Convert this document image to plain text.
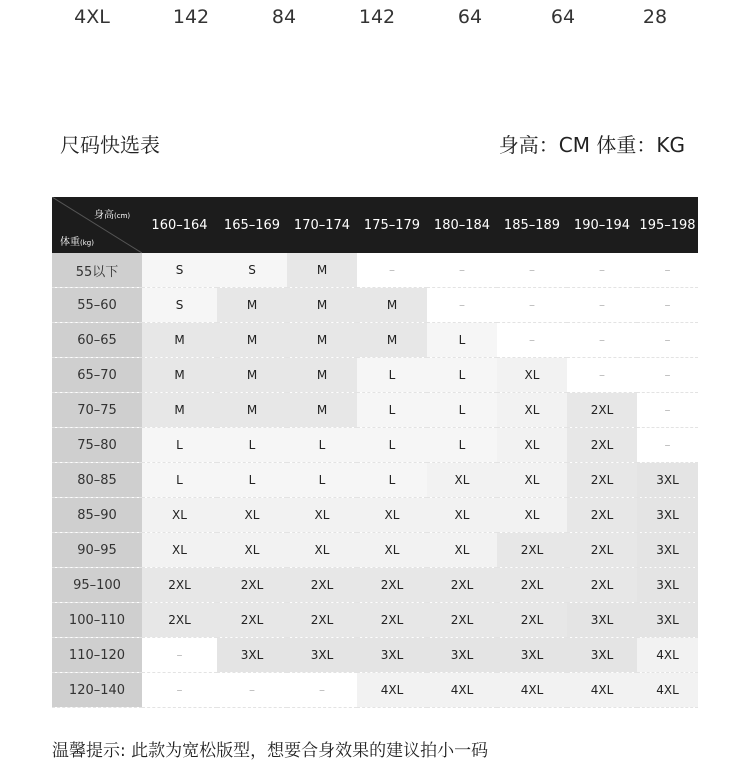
4XL	142	84	142	64	64	28
尺码快选表	身高：CM 体重：KG
身高(cm)
体重(kg)	160–164	165–169	170–174	175–179	180–184	185–189	190–194	195–198
55以下	S	S	M	–	–	–	–	–
55–60	S	M	M	M	–	–	–	–
60–65	M	M	M	M	L	–	–	–
65–70	M	M	M	L	L	XL	–	–
70–75	M	M	M	L	L	XL	2XL	–
75–80	L	L	L	L	L	XL	2XL	–
80–85	L	L	L	L	XL	XL	2XL	3XL
85–90	XL	XL	XL	XL	XL	XL	2XL	3XL
90–95	XL	XL	XL	XL	XL	2XL	2XL	3XL
95–100	2XL	2XL	2XL	2XL	2XL	2XL	2XL	3XL
100–110	2XL	2XL	2XL	2XL	2XL	2XL	3XL	3XL
110–120	–	3XL	3XL	3XL	3XL	3XL	3XL	4XL
120–140	–	–	–	4XL	4XL	4XL	4XL	4XL
温馨提示: 此款为宽松版型，想要合身效果的建议拍小一码
